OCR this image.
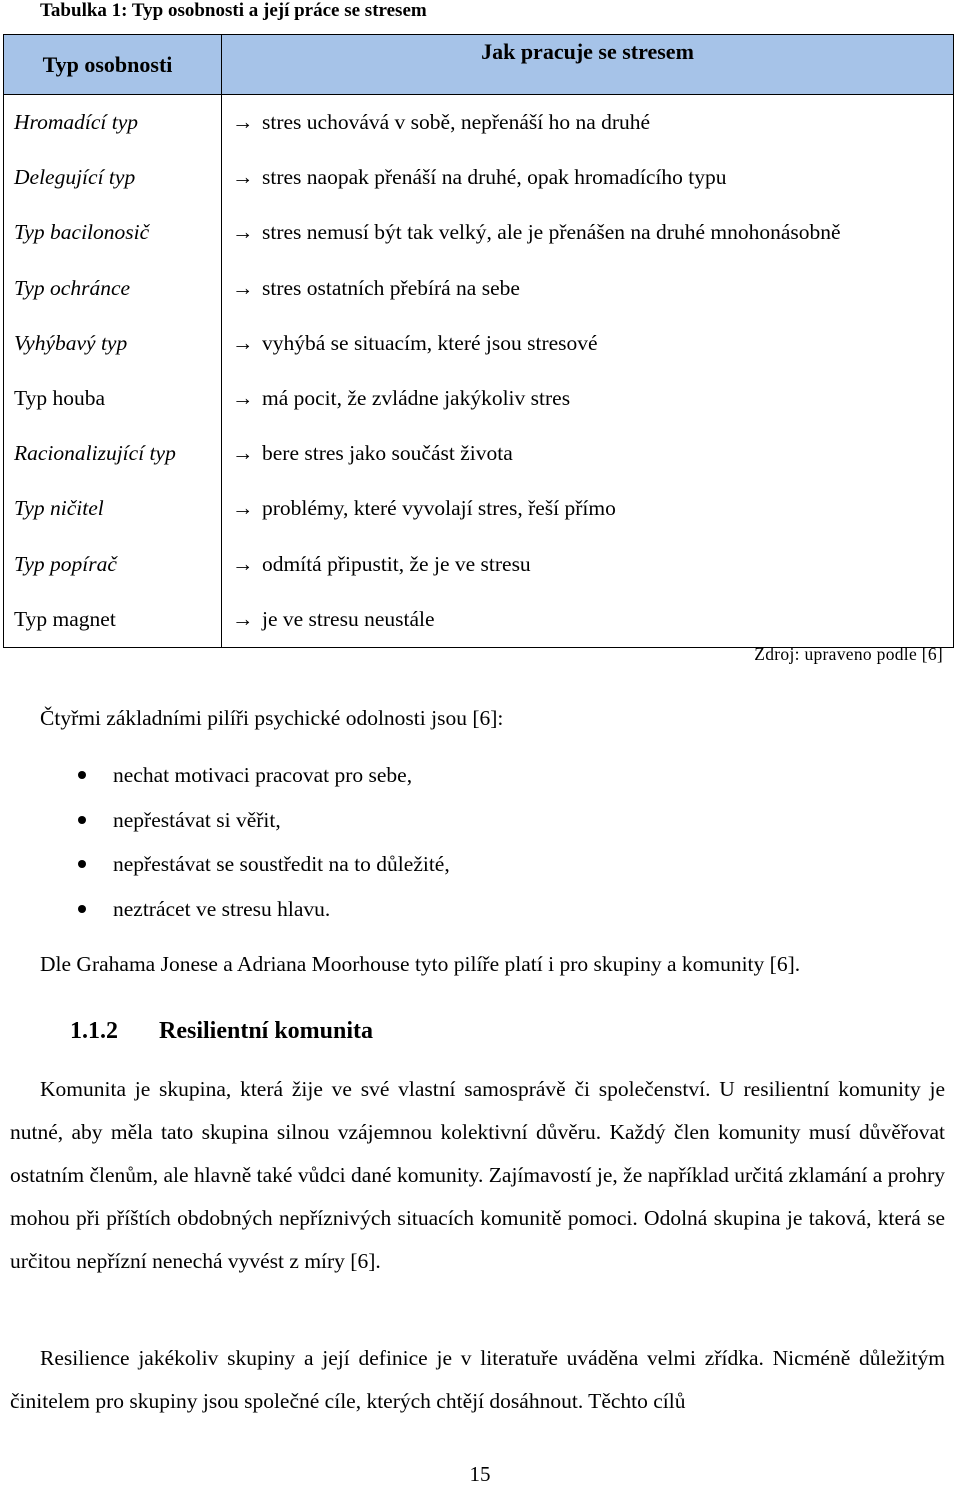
Tabulka 1: Typ osobnosti a její práce se stresem
Typ osobnosti	Jak pracuje se stresem
Hromadící typ	→ stres uchovává v sobě, nepřenáší ho na druhé
Delegující typ	→ stres naopak přenáší na druhé, opak hromadícího typu
Typ bacilonosič	→ stres nemusí být tak velký, ale je přenášen na druhé mnohonásobně
Typ ochránce	→ stres ostatních přebírá na sebe
Vyhýbavý typ	→ vyhýbá se situacím, které jsou stresové
Typ houba	→ má pocit, že zvládne jakýkoliv stres
Racionalizující typ	→ bere stres jako součást života
Typ ničitel	→ problémy, které vyvolají stres, řeší přímo
Typ popírač	→ odmítá připustit, že je ve stresu
Typ magnet	→ je ve stresu neustále
Zdroj: upraveno podle [6]
Čtyřmi základními pilíři psychické odolnosti jsou [6]:
nechat motivaci pracovat pro sebe,
nepřestávat si věřit,
nepřestávat se soustředit na to důležité,
neztrácet ve stresu hlavu.
Dle Grahama Jonese a Adriana Moorhouse tyto pilíře platí i pro skupiny a komunity [6].
1.1.2 Resilientní komunita

Komunita je skupina, která žije ve své vlastní samosprávě či společenství. U resilientní komunity je nutné, aby měla tato skupina silnou vzájemnou kolektivní důvěru. Každý člen komunity musí důvěřovat ostatním členům, ale hlavně také vůdci dané komunity. Zajímavostí je, že například určitá zklamání a prohry mohou při příštích obdobných nepříznivých situacích komunitě pomoci. Odolná skupina je taková, která se určitou nepřízní nenechá vyvést z míry [6].

Resilience jakékoliv skupiny a její definice je v literatuře uváděna velmi zřídka. Nicméně důležitým činitelem pro skupiny jsou společné cíle, kterých chtějí dosáhnout. Těchto cílů

15
